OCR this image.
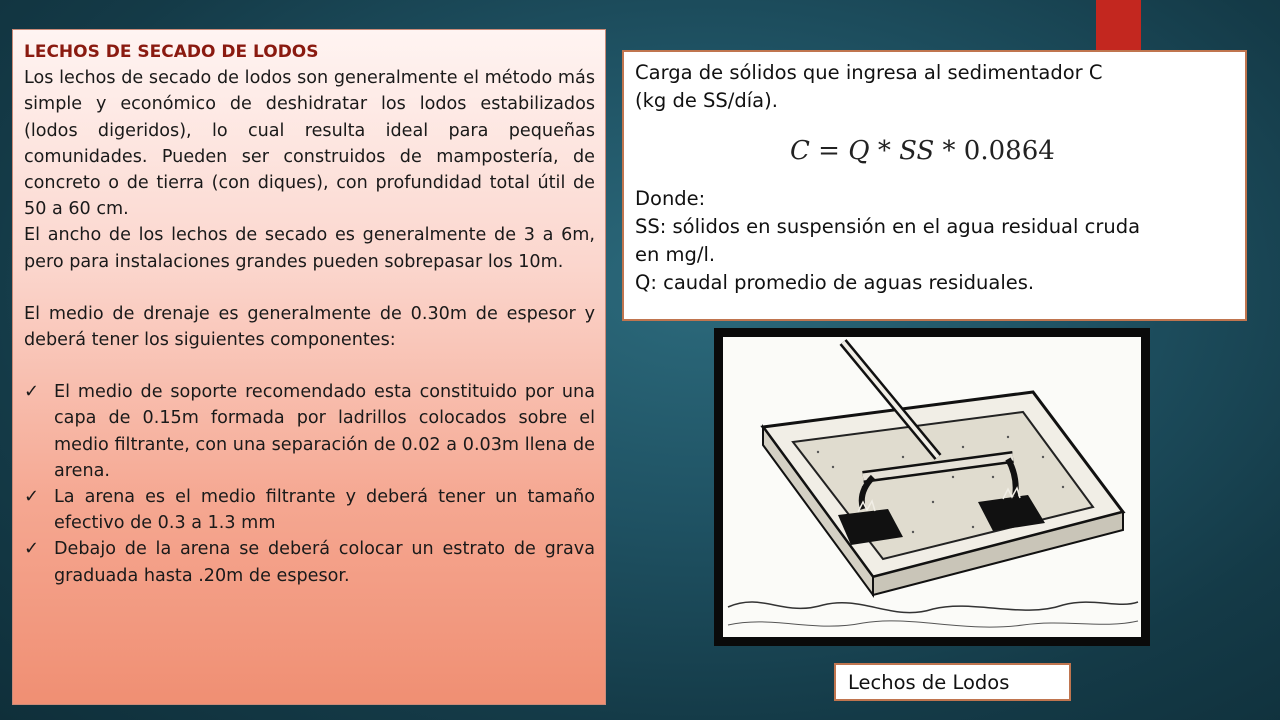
LECHOS DE SECADO DE LODOS

Los lechos de secado de lodos son generalmente el método más simple y económico de deshidratar los lodos estabilizados (lodos digeridos), lo cual resulta ideal para pequeñas comunidades. Pueden ser construidos de mampostería, de concreto o de tierra (con diques), con profundidad total útil de 50 a 60 cm.

El ancho de los lechos de secado es generalmente de 3 a 6m, pero para instalaciones grandes pueden sobrepasar los 10m.

El medio de drenaje es generalmente de 0.30m de espesor y deberá tener los siguientes componentes:

✓ El medio de soporte recomendado esta constituido por una capa de 0.15m formada por ladrillos colocados sobre el medio filtrante, con una separación de 0.02 a 0.03m llena de arena.
✓ La arena es el medio filtrante y deberá tener un tamaño efectivo de 0.3 a 1.3 mm
✓ Debajo de la arena se deberá colocar un estrato de grava graduada hasta .20m de espesor.

Carga de sólidos que ingresa al sedimentador C

(kg de SS/día).

C = Q * SS * 0.0864

Donde:

SS: sólidos en suspensión en el agua residual cruda

en mg/l.

Q: caudal promedio de aguas residuales.

Lechos de Lodos
